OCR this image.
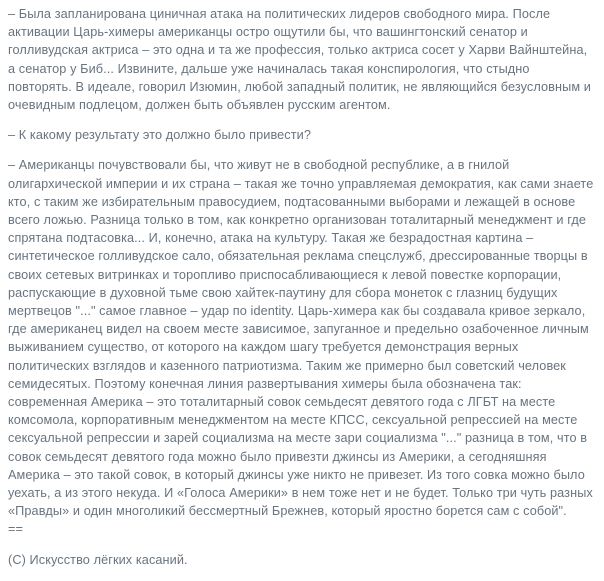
– Была запланирована циничная атака на политических лидеров свободного мира. После активации Царь-химеры американцы остро ощутили бы, что вашингтонский сенатор и голливудская актриса – это одна и та же профессия, только актриса сосет у Харви Вайнштейна, а сенатор у Биб... Извините, дальше уже начиналась такая конспирология, что стыдно повторять. В идеале, говорил Изюмин, любой западный политик, не являющийся безусловным и очевидным подлецом, должен быть объявлен русским агентом.

– К какому результату это должно было привести?

– Американцы почувствовали бы, что живут не в свободной республике, а в гнилой олигархической империи и их страна – такая же точно управляемая демократия, как сами знаете кто, с таким же избирательным правосудием, подтасованными выборами и лежащей в основе всего ложью. Разница только в том, как конкретно организован тоталитарный менеджмент и где спрятана подтасовка... И, конечно, атака на культуру. Такая же безрадостная картина – синтетическое голливудское сало, обязательная реклама спецслужб, дрессированные творцы в своих сетевых витринках и торопливо приспосабливающиеся к левой повестке корпорации, распускающие в духовной тьме свою хайтек-паутину для сбора монеток с глазниц будущих мертвецов "..." самое главное – удар по identity. Царь-химера как бы создавала кривое зеркало, где американец видел на своем месте зависимое, запуганное и предельно озабоченное личным выживанием существо, от которого на каждом шагу требуется демонстрация верных политических взглядов и казенного патриотизма. Таким же примерно был советский человек семидесятых. Поэтому конечная линия развертывания химеры была обозначена так: современная Америка – это тоталитарный совок семьдесят девятого года с ЛГБТ на месте комсомола, корпоративным менеджментом на месте КПСС, сексуальной репрессией на месте сексуальной репрессии и зарей социализма на месте зари социализма "..." разница в том, что в совок семьдесят девятого года можно было привезти джинсы из Америки, а сегодняшняя Америка – это такой совок, в который джинсы уже никто не привезет. Из того совка можно было уехать, а из этого некуда. И «Голоса Америки» в нем тоже нет и не будет. Только три чуть разных «Правды» и один многоликий бессмертный Брежнев, который яростно борется сам с собой".

==

(С) Искусство лёгких касаний.
